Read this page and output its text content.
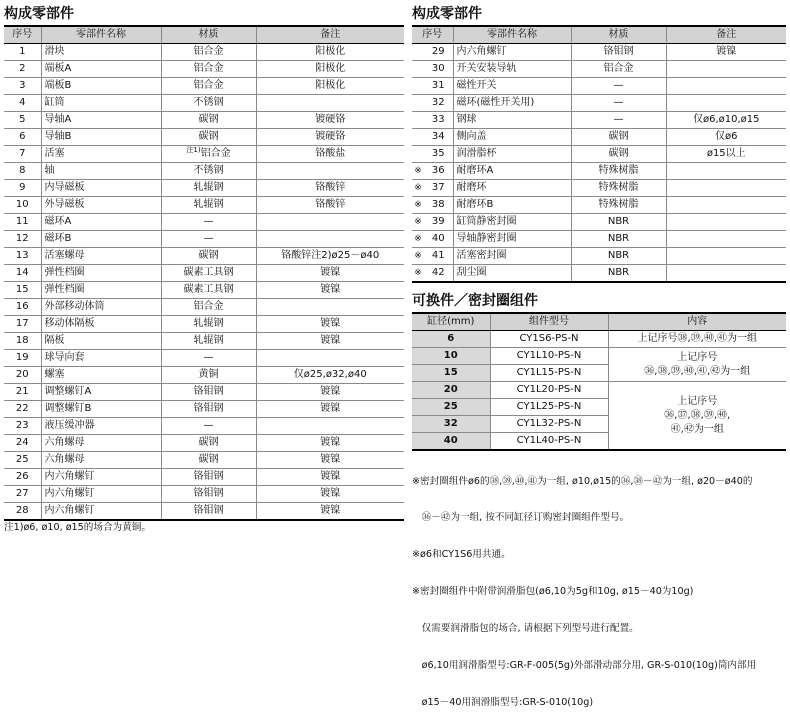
构成零部件
序号	零部件名称	材质	备注
1	滑块	铝合金	阳极化
2	端板A	铝合金	阳极化
3	端板B	铝合金	阳极化
4	缸筒	不锈钢	
5	导轴A	碳钢	镀硬铬
6	导轴B	碳钢	镀硬铬
7	活塞	$^{注1)}$铝合金	铬酸盐
8	轴	不锈钢	
9	内导磁板	轧辊钢	铬酸锌
10	外导磁板	轧辊钢	铬酸锌
11	磁环A	—	
12	磁环B	—	
13	活塞螺母	碳钢	铬酸锌注2)ø25－ø40
14	弹性档圈	碳素工具钢	镀镍
15	弹性档圈	碳素工具钢	镀镍
16	外部移动体筒	铝合金	
17	移动体隔板	轧辊钢	镀镍
18	隔板	轧辊钢	镀镍
19	球导向套	—	
20	螺塞	黄铜	仅ø25,ø32,ø40
21	调整螺钉A	铬钼钢	镀镍
22	调整螺钉B	铬钼钢	镀镍
23	液压缓冲器	—	
24	六角螺母	碳钢	镀镍
25	六角螺母	碳钢	镀镍
26	内六角螺钉	铬钼钢	镀镍
27	内六角螺钉	铬钼钢	镀镍
28	内六角螺钉	铬钼钢	镀镍
注1)ø6, ø10, ø15的场合为黄铜。
构成零部件
序号		零部件名称	材质	备注
	29	内六角螺钉	铬钼钢	镀镍
	30	开关安装导轨	铝合金	
	31	磁性开关	—	
	32	磁环(磁性开关用)	—	
	33	钢球	—	仅ø6,ø10,ø15
	34	侧向盖	碳钢	仅ø6
	35	润滑脂杯	碳钢	ø15以上
※	36	耐磨环A	特殊树脂	
※	37	耐磨环	特殊树脂	
※	38	耐磨环B	特殊树脂	
※	39	缸筒静密封圈	NBR	
※	40	导轴静密封圈	NBR	
※	41	活塞密封圈	NBR	
※	42	刮尘圈	NBR	
可换件／密封圈组件
缸径(mm)	组件型号	内容
6	CY1S6-PS-N	上记序号㊳,㊴,㊵,㊶为一组
10	CY1L10-PS-N	上记序号
㊱,㊳,㊴,㊵,㊶,㊷为一组

15	CY1L15-PS-N	
20	CY1L20-PS-N	上记序号
㊱,㊲,㊳,㊴,㊵,
㊶,㊷为一组

25	CY1L25-PS-N	
32	CY1L32-PS-N	
40	CY1L40-PS-N	

※密封圈组件ø6的㊳,㊴,㊵,㊶为一组, ø10,ø15的㊱,㊳－㊷为一组, ø20－ø40的

　㊱－㊷为一组, 按不同缸径订购密封圈组件型号。

※ø6和CY1S6用共通。

※密封圈组件中附带润滑脂包(ø6,10为5g和10g, ø15－40为10g)

　仅需要润滑脂包的场合, 请根据下列型号进行配置。

　ø6,10用润滑脂型号:GR-F-005(5g)外部滑动部分用, GR-S-010(10g)筒内部用

　ø15－40用润滑脂型号:GR-S-010(10g)
